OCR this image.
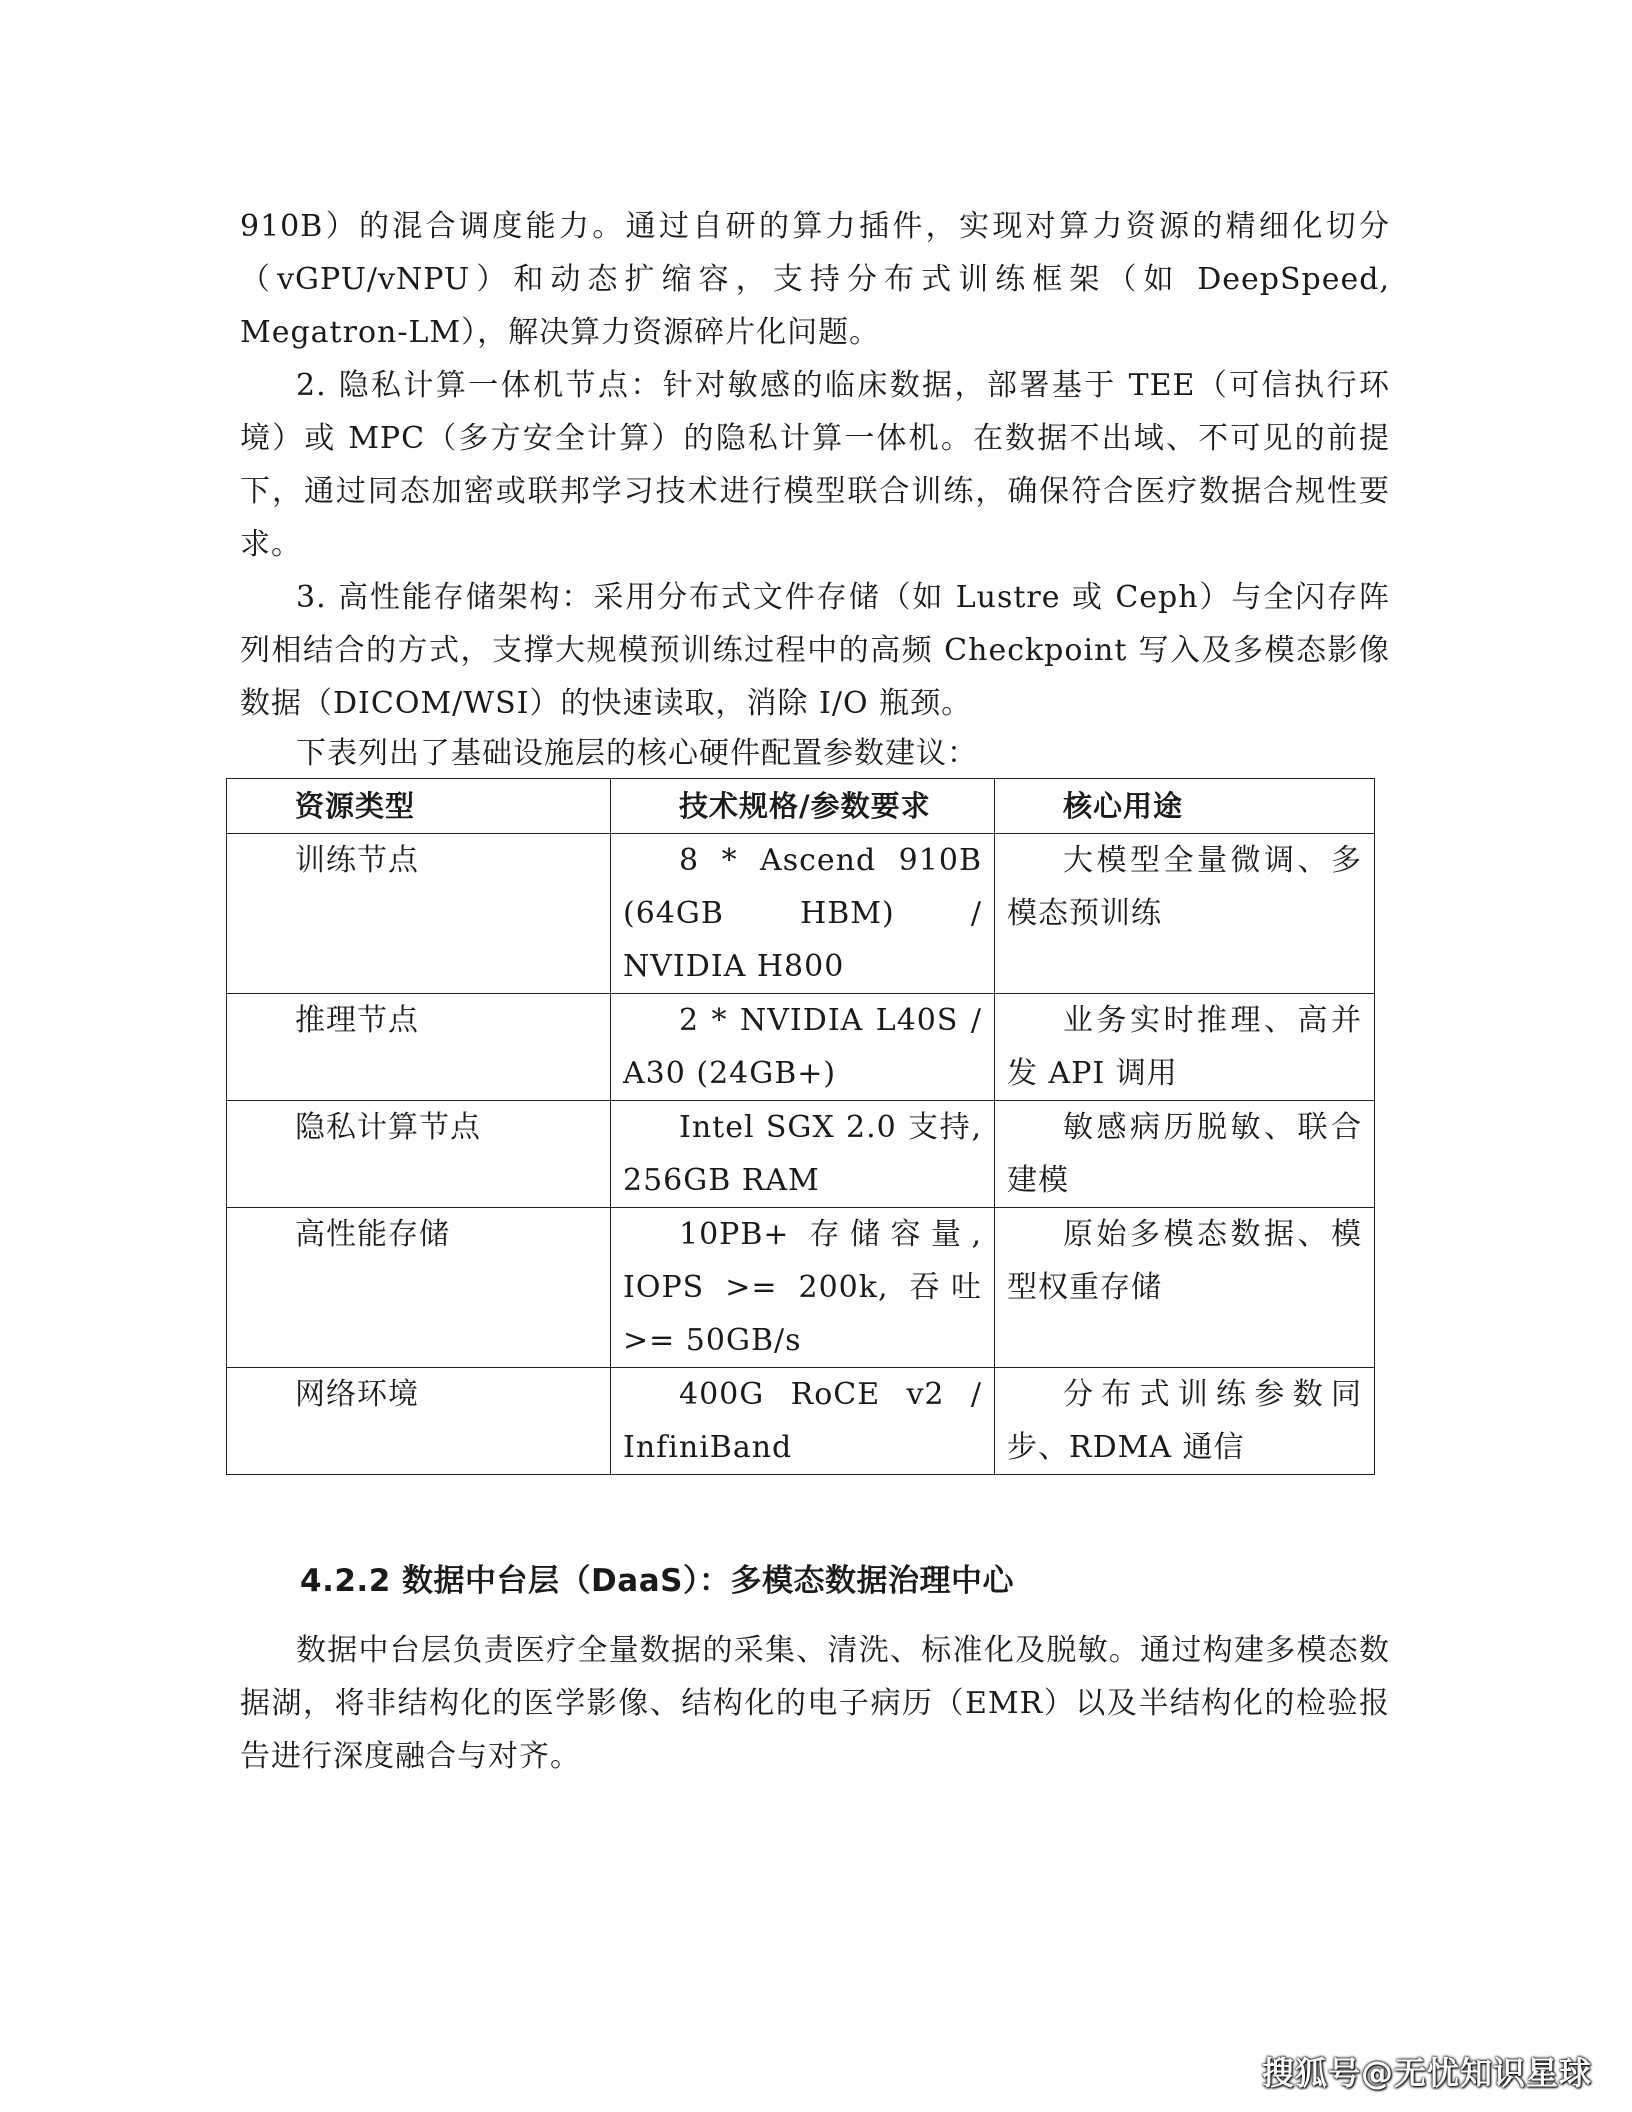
910B）的混合调度能力。通过自研的算力插件，实现对算力资源的精细化切分（vGPU/vNPU）和动态扩缩容，支持分布式训练框架（如 DeepSpeed, Megatron-LM），解决算力资源碎片化问题。

2. 隐私计算一体机节点：针对敏感的临床数据，部署基于 TEE（可信执行环境）或 MPC（多方安全计算）的隐私计算一体机。在数据不出域、不可见的前提下，通过同态加密或联邦学习技术进行模型联合训练，确保符合医疗数据合规性要求。

3. 高性能存储架构：采用分布式文件存储（如 Lustre 或 Ceph）与全闪存阵列相结合的方式，支撑大规模预训练过程中的高频 Checkpoint 写入及多模态影像数据（DICOM/WSI）的快速读取，消除 I/O 瓶颈。

下表列出了基础设施层的核心硬件配置参数建议：

资源类型	技术规格/参数要求	核心用途

训练节点	8 * Ascend 910B (64GB HBM) / NVIDIA H800	大模型全量微调、多模态预训练

推理节点	2 * NVIDIA L40S / A30 (24GB+)	业务实时推理、高并发 API 调用

隐私计算节点	Intel SGX 2.0 支持, 256GB RAM	敏感病历脱敏、联合建模

高性能存储	10PB+ 存储容量, IOPS >= 200k, 吞吐 >= 50GB/s	原始多模态数据、模型权重存储

网络环境	400G RoCE v2 / InfiniBand	分布式训练参数同步、RDMA 通信
4.2.2 数据中台层（DaaS）：多模态数据治理中心

数据中台层负责医疗全量数据的采集、清洗、标准化及脱敏。通过构建多模态数据湖，将非结构化的医学影像、结构化的电子病历（EMR）以及半结构化的检验报告进行深度融合与对齐。

搜狐号@无忧知识星球
